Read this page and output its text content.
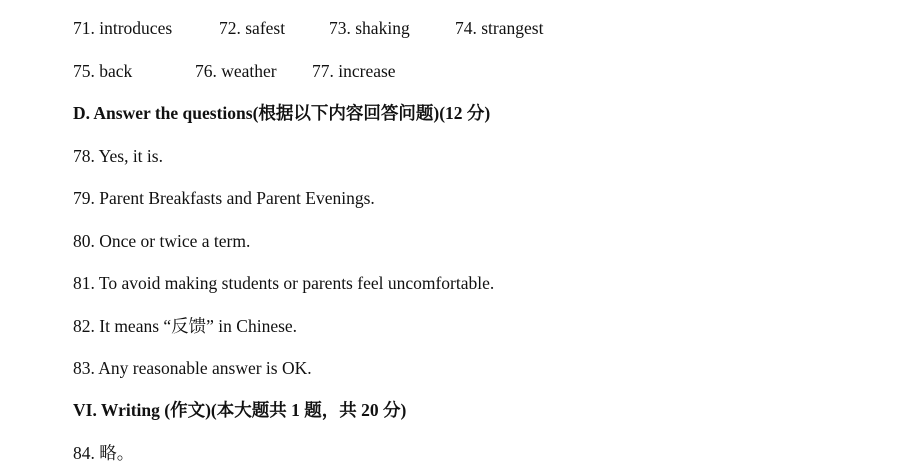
71. introduces	72. safest	73. shaking	74. strangest
75. back	76. weather 77. increase
D. Answer the questions(根据以下内容回答问题)(12 分)
78. Yes, it is.
79. Parent Breakfasts and Parent Evenings.
80. Once or twice a term.
81. To avoid making students or parents feel uncomfortable.
82. It means “反馈” in Chinese.
83. Any reasonable answer is OK.
VI. Writing (作文)(本大题共 1 题，共 20 分)
84. 略。
